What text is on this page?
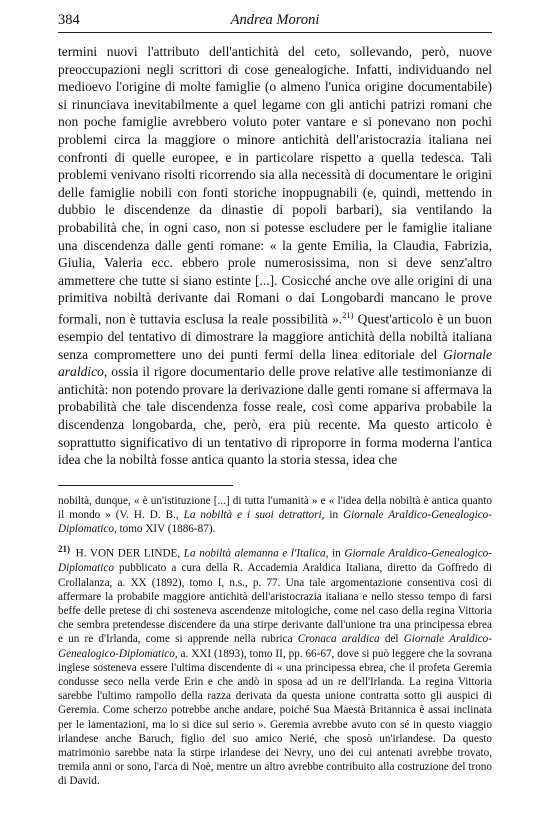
384	Andrea Moroni

termini nuovi l'attributo dell'antichità del ceto, sollevando, però, nuove preoccupazioni negli scrittori di cose genealogiche. Infatti, individuando nel medioevo l'origine di molte famiglie (o almeno l'unica origine documentabile) si rinunciava inevitabilmente a quel legame con gli antichi patrizi romani che non poche famiglie avrebbero voluto poter vantare e si ponevano non pochi problemi circa la maggiore o minore antichità dell'aristocrazia italiana nei confronti di quelle europee, e in particolare rispetto a quella tedesca. Tali problemi venivano risolti ricorrendo sia alla necessità di documentare le origini delle famiglie nobili con fonti storiche inoppugnabili (e, quindi, mettendo in dubbio le discendenze da dinastie di popoli barbari), sia ventilando la probabilità che, in ogni caso, non si potesse escludere per le famiglie italiane una discendenza dalle genti romane: « la gente Emilia, la Claudia, Fabrizia, Giulia, Valeria ecc. ebbero prole numerosissima, non si deve senz'altro ammettere che tutte si siano estinte [...]. Cosicché anche ove alle origini di una primitiva nobiltà derivante dai Romani o dai Longobardi mancano le prove formali, non è tuttavia esclusa la reale possibilità ».$^{21)}$ Quest'articolo è un buon esempio del tentativo di dimostrare la maggiore antichità della nobiltà italiana senza compromettere uno dei punti fermi della linea editoriale del Giornale araldico, ossia il rigore documentario delle prove relative alle testimonianze di antichità: non potendo provare la derivazione dalle genti romane si affermava la probabilità che tale discendenza fosse reale, così come appariva probabile la discendenza longobarda, che, però, era più recente. Ma questo articolo è soprattutto significativo di un tentativo di riproporre in forma moderna l'antica idea che la nobiltà fosse antica quanto la storia stessa, idea che

nobiltà, dunque, « è un'istituzione [...] di tutta l'umanità » e « l'idea della nobiltà è antica quanto il mondo » (V. H. D. B., La nobiltà e i suoi detrattori, in Giornale Araldico-Genealogico-Diplomatico, tomo XIV (1886-87).

$^{21)}$ H. VON DER LINDE, La nobiltà alemanna e l'Italica, in Giornale Araldico-Genealogico-Diplomatico pubblicato a cura della R. Accademia Araldica Italiana, diretto da Goffredo di Crollalanza, a. XX (1892), tomo I, n.s., p. 77. Una tale argomentazione consentiva così di affermare la probabile maggiore antichità dell'aristocrazia italiana e nello stesso tempo di farsi beffe delle pretese di chi sosteneva ascendenze mitologiche, come nel caso della regina Vittoria che sembra pretendesse discendere da una stirpe derivante dall'unione tra una principessa ebrea e un re d'Irlanda, come si apprende nella rubrica Cronaca araldica del Giornale Araldico-Genealogico-Diplomatico, a. XXI (1893), tomo II, pp. 66-67, dove si può leggere che la sovrana inglese sosteneva essere l'ultima discendente di « una principessa ebrea, che il profeta Geremia condusse seco nella verde Erin e che andò in sposa ad un re dell'Irlanda. La regina Vittoria sarebbe l'ultimo rampollo della razza derivata da questa unione contratta sotto gli auspici di Geremia. Come scherzo potrebbe anche andare, poiché Sua Maestà Britannica è assai inclinata per le lamentazioni, ma lo si dice sul serio ». Geremia avrebbe avuto con sé in questo viaggio irlandese anche Baruch, figlio del suo amico Nerié, che sposò un'irlandese. Da questo matrimonio sarebbe nata la stirpe irlandese dei Nevry, uno dei cui antenati avrebbe trovato, tremila anni or sono, l'arca di Noè, mentre un altro avrebbe contribuito alla costruzione del trono di David.
